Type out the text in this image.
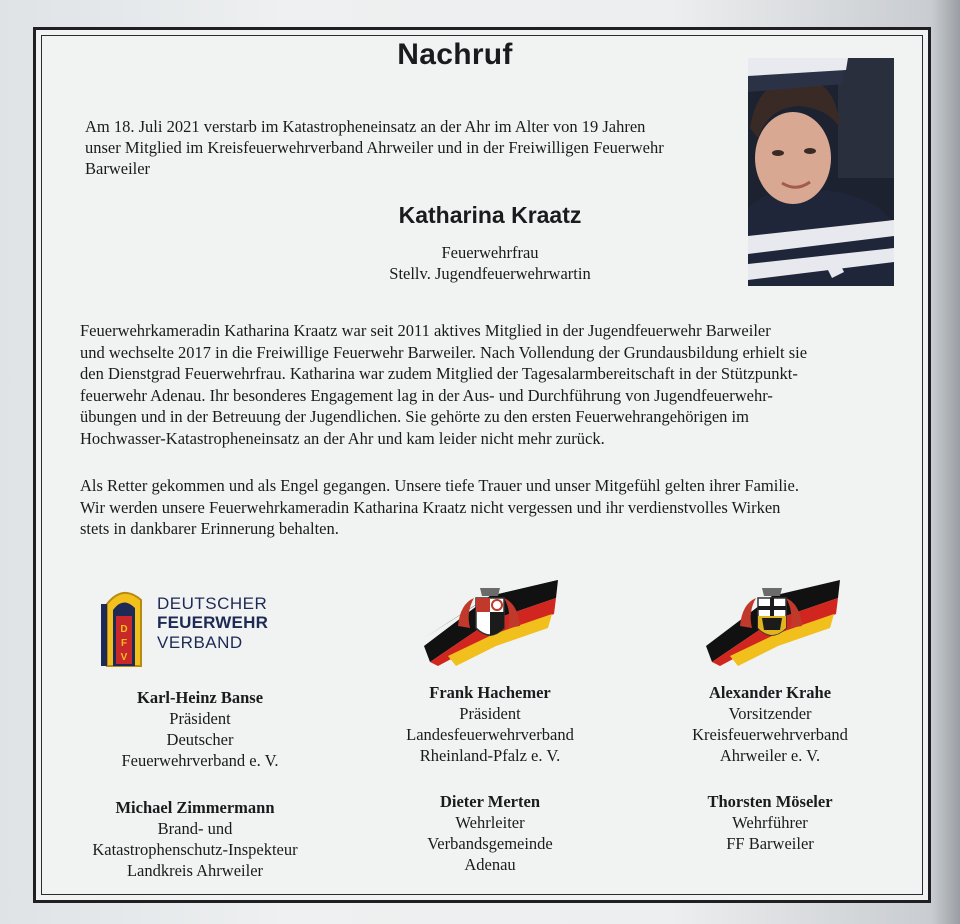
Nachruf
Am 18. Juli 2021 verstarb im Katastropheneinsatz an der Ahr im Alter von 19 Jahren unser Mitglied im Kreisfeuerwehrverband Ahrweiler und in der Freiwilligen Feuerwehr Barweiler
Katharina Kraatz
Feuerwehrfrau
Stellv. Jugendfeuerwehrwartin
Feuerwehrkameradin Katharina Kraatz war seit 2011 aktives Mitglied in der Jugendfeuerwehr Barweiler
und wechselte 2017 in die Freiwillige Feuerwehr Barweiler. Nach Vollendung der Grundausbildung erhielt sie
den Dienstgrad Feuerwehrfrau. Katharina war zudem Mitglied der Tagesalarmbereitschaft in der Stützpunkt-
feuerwehr Adenau. Ihr besonderes Engagement lag in der Aus- und Durchführung von Jugendfeuerwehr-
übungen und in der Betreuung der Jugendlichen. Sie gehörte zu den ersten Feuerwehrangehörigen im
Hochwasser-Katastropheneinsatz an der Ahr und kam leider nicht mehr zurück.
Als Retter gekommen und als Engel gegangen. Unsere tiefe Trauer und unser Mitgefühl gelten ihrer Familie.
Wir werden unsere Feuerwehrkameradin Katharina Kraatz nicht vergessen und ihr verdienstvolles Wirken
stets in dankbarer Erinnerung behalten.
D
F
V
DEUTSCHER
FEUERWEHR
VERBAND
Karl-Heinz Banse
Präsident
Deutscher
Feuerwehrverband e. V.
Frank Hachemer
Präsident
Landesfeuerwehrverband
Rheinland-Pfalz e. V.
Alexander Krahe
Vorsitzender
Kreisfeuerwehrverband
Ahrweiler e. V.
Michael Zimmermann
Brand- und
Katastrophenschutz-Inspekteur
Landkreis Ahrweiler
Dieter Merten
Wehrleiter
Verbandsgemeinde
Adenau
Thorsten Möseler
Wehrführer
FF Barweiler
